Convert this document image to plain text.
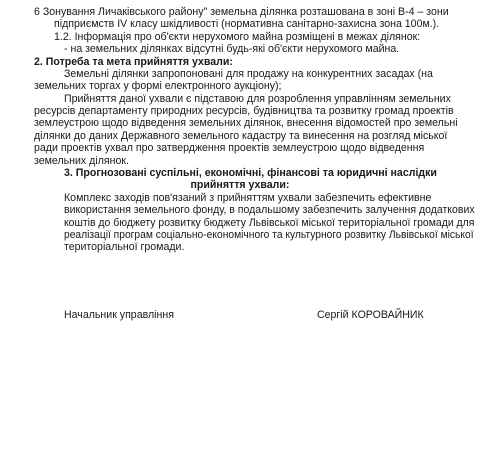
6 Зонування Личаківського району" земельна ділянка розташована в зоні В-4 – зони
підприємств IV класу шкідливості (нормативна санітарно-захисна зона 100м.).
1.2. Інформація про об'єкти нерухомого майна розміщені в межах ділянок:
- на земельних ділянках відсутні будь-які об'єкти нерухомого майна.
2. Потреба та мета прийняття ухвали:
Земельні ділянки запропоновані для продажу на конкурентних засадах (на
земельних торгах у формі електронного аукціону);
Прийняття даної ухвали є підставою для розроблення управлінням земельних
ресурсів департаменту природних ресурсів, будівництва та розвитку громад проектів
землеустрою щодо відведення земельних ділянок, внесення відомостей про земельні
ділянки до даних Державного земельного кадастру та винесення на розгляд міської
ради проектів ухвал про затвердження проектів землеустрою щодо відведення
земельних ділянок.
3. Прогнозовані суспільні, економічні, фінансові та юридичні наслідки
прийняття ухвали:
Комплекс заходів пов'язаний з прийняттям ухвали забезпечить ефективне
використання земельного фонду, в подальшому забезпечить залучення додаткових
коштів до бюджету розвитку бюджету Львівської міської територіальної громади для
реалізації програм соціально-економічного та культурного розвитку Львівської міської
територіальної громади.
Начальник управління	Сергій КОРОВАЙНИК
